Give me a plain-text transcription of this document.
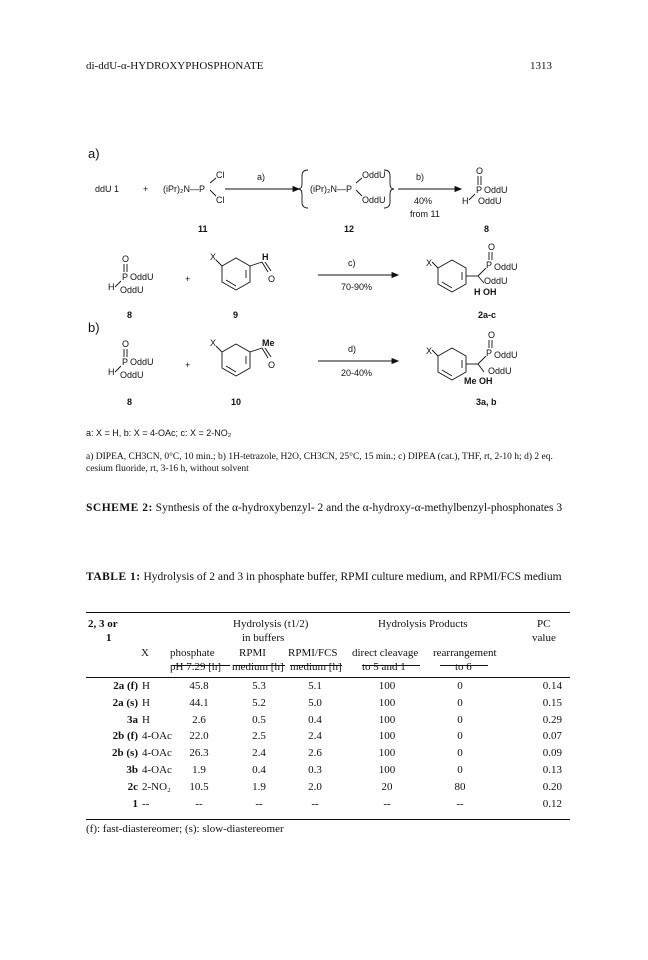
di-ddU-α-HYDROXYPHOSPHONATE	1313
a)
b)
ddU 1	+
Cl
(iPr)₂N—P
Cl
11
a)	OddU
(iPr)₂N—P
OddU
12
b)
40%
from 11
O
P
H
OddU
OddU
8
O
P
H
OddU
OddU
8
+
X	H
O
9
c)
70-90%
X
O
P OddU
OddU
H OH
2a-c
O
P
H
OddU
OddU
8
+
X	Me
O
10
d)
20-40%
X
O
P OddU
OddU
Me OH
3a, b
a: X = H, b: X = 4-OAc; c: X = 2-NO₂
a) DIPEA, CH3CN, 0°C, 10 min.; b) 1H-tetrazole, H2O, CH3CN, 25°C, 15 min.; c) DIPEA (cat.), THF, rt, 2-10 h; d) 2 eq. cesium fluoride, rt, 3-16 h, without solvent
SCHEME 2: Synthesis of the α-hydroxybenzyl- 2 and the α-hydroxy-α-methylbenzyl-phosphonates 3
TABLE 1: Hydrolysis of 2 and 3 in phosphate buffer, RPMI culture medium, and RPMI/FCS medium
2, 3 or
1
X
Hydrolysis (t1/2)
in buffers
phosphate
pH 7.29 [h]
RPMI
medium [h]
RPMI/FCS
medium [h]
Hydrolysis Products
direct cleavage
to 5 and 1
rearrangement
to 6
PC
value
2a (f) H	45.8	5.3	5.1	100	0	0.14
2a (s) H	44.1	5.2	5.0	100	0	0.15
3a H	2.6	0.5	0.4	100	0	0.29
2b (f) 4-OAc	22.0	2.5	2.4	100	0	0.07
2b (s) 4-OAc	26.3	2.4	2.6	100	0	0.09
3b 4-OAc	1.9	0.4	0.3	100	0	0.13
2c 2-NO₂	10.5	1.9	2.0	20	80	0.20
1 --	--	--	--	--	--	0.12
(f): fast-diastereomer; (s): slow-diastereomer
